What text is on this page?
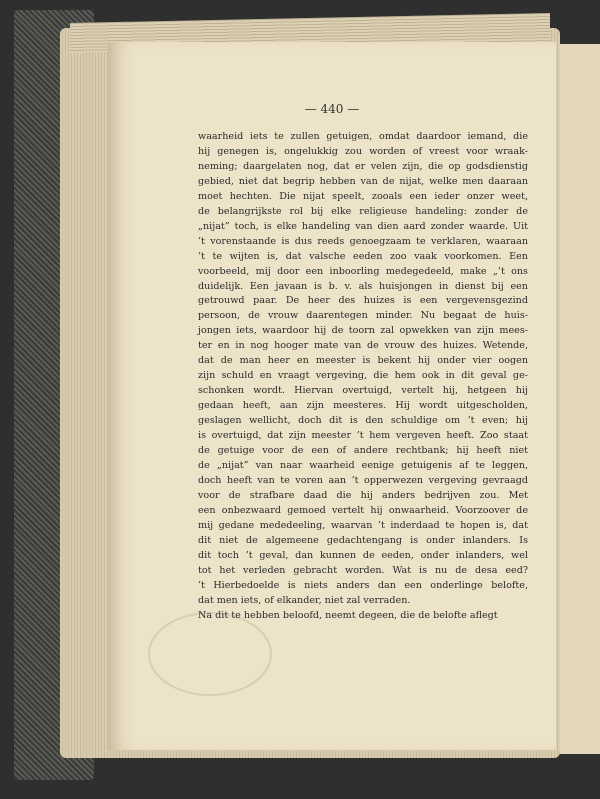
— 440 —
waarheid iets te zullen getuigen, omdat daardoor iemand, die
hij genegen is, ongelukkig zou worden of vreest voor wraak-
neming; daargelaten nog, dat er velen zijn, die op godsdienstig
gebied, niet dat begrip hebben van de nijat, welke men daaraan
moet hechten. Die nijat speelt, zooals een ieder onzer weet,
de belangrijkste rol bij elke religieuse handeling: zonder de
„nijat” toch, is elke handeling van dien aard zonder waarde. Uit
’t vorenstaande is dus reeds genoegzaam te verklaren, waaraan
’t te wijten is, dat valsche eeden zoo vaak voorkomen. Een
voorbeeld, mij door een inboorling medegedeeld, make „’t ons
duidelijk. Een javaan is b. v. als huisjongen in dienst bij een
getrouwd paar. De heer des huizes is een vergevensgezind
persoon, de vrouw daarentegen minder. Nu begaat de huis-
jongen iets, waardoor hij de toorn zal opwekken van zijn mees-
ter en in nog hooger mate van de vrouw des huizes. Wetende,
dat de man heer en meester is bekent hij onder vier oogen
zijn schuld en vraagt vergeving, die hem ook in dit geval ge-
schonken wordt. Hiervan overtuigd, vertelt hij, hetgeen hij
gedaan heeft, aan zijn meesteres. Hij wordt uitgescholden,
geslagen wellicht, doch dit is den schuldige om ’t even; hij
is overtuigd, dat zijn meester ’t hem vergeven heeft. Zoo staat
de getuige voor de een of andere rechtbank; hij heeft niet
de „nijat” van naar waarheid eenige getuigenis af te leggen,
doch heeft van te voren aan ’t opperwezen vergeving gevraagd
voor de strafbare daad die hij anders bedrijven zou. Met
een onbezwaard gemoed vertelt hij onwaarheid. Voorzoover de
mij gedane mededeeling, waarvan ’t inderdaad te hopen is, dat
dit niet de algemeene gedachtengang is onder inlanders. Is
dit toch ’t geval, dan kunnen de eeden, onder inlanders, wel
tot het verleden gebracht worden. Wat is nu de desa eed?
’t Hierbedoelde is niets anders dan een onderlinge belofte,
dat men iets, of elkander, niet zal verraden.
Na dit te hebben beloofd, neemt degeen, die de belofte aflegt
